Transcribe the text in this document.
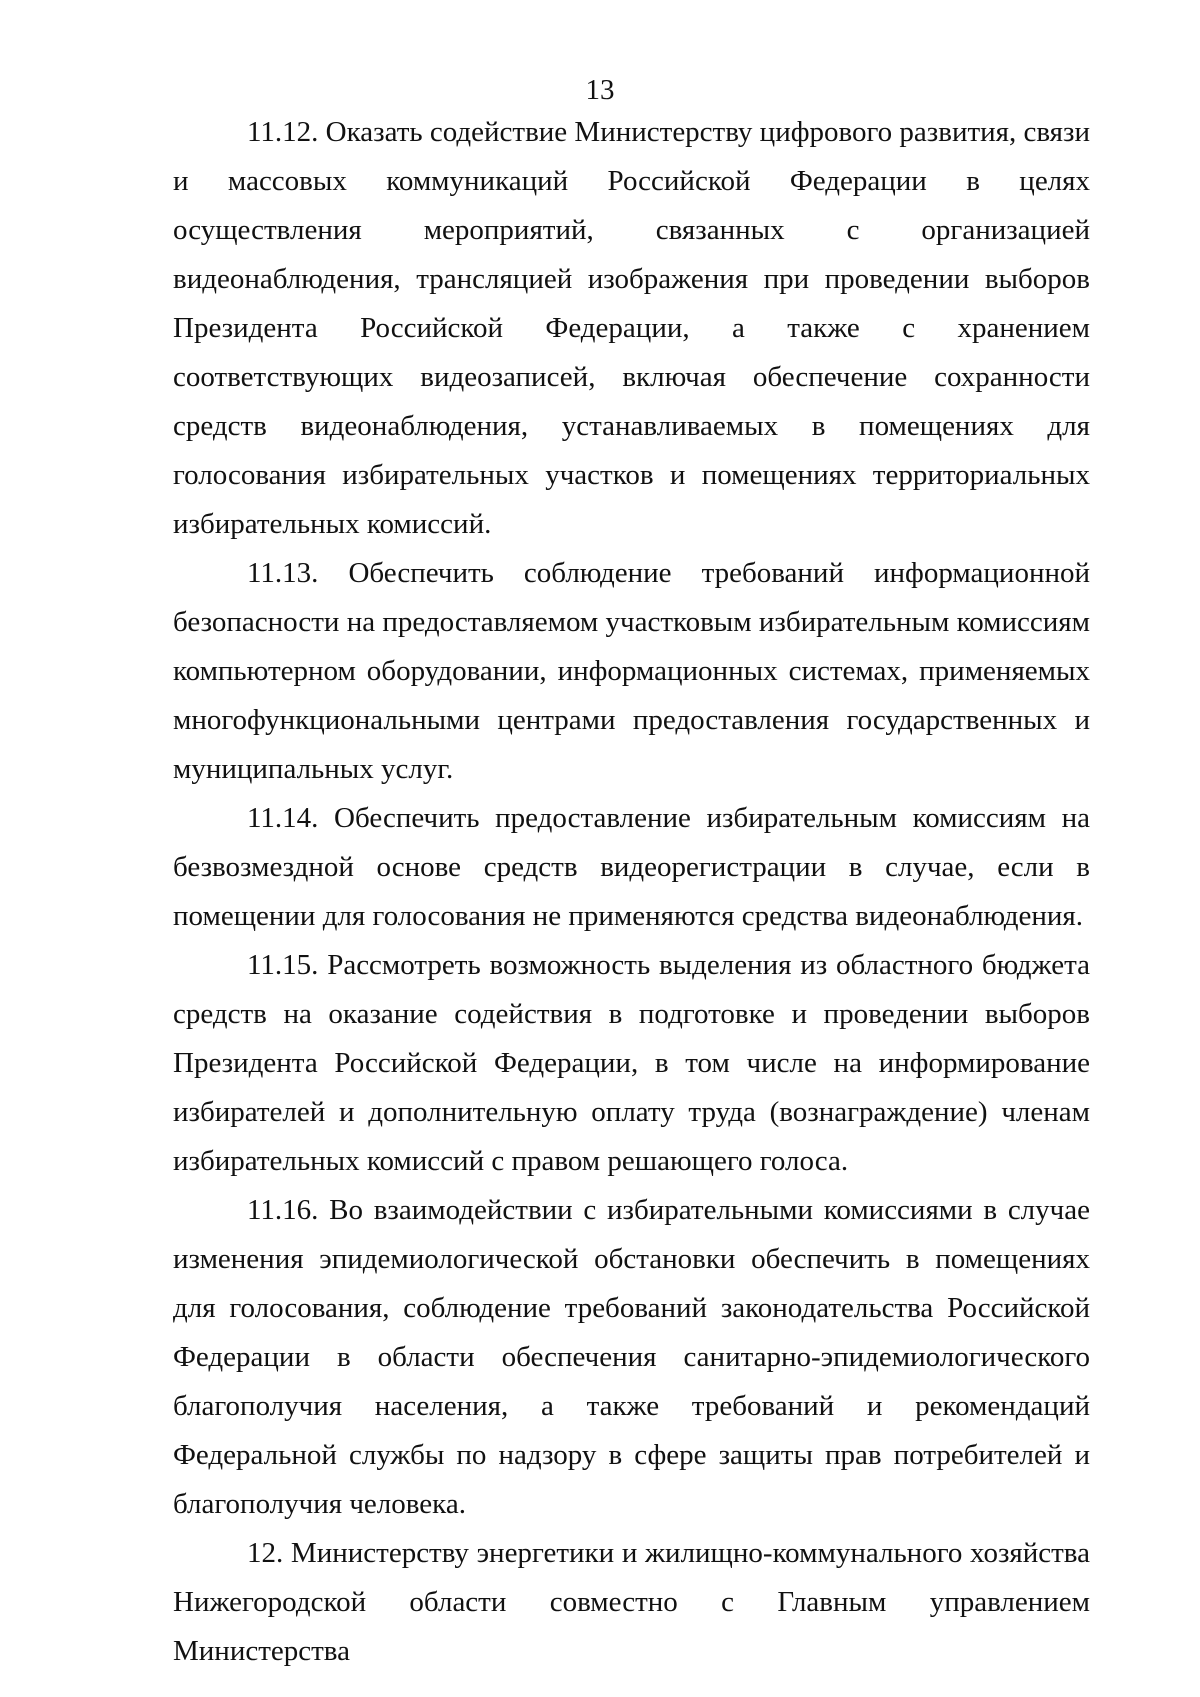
13

11.12. Оказать содействие Министерству цифрового развития, связи и массовых коммуникаций Российской Федерации в целях осуществления мероприятий, связанных с организацией видеонаблюдения, трансляцией изображения при проведении выборов Президента Российской Федерации, а также с хранением соответствующих видеозаписей, включая обеспечение сохранности средств видеонаблюдения, устанавливаемых в помещениях для голосования избирательных участков и помещениях территориальных избирательных комиссий.

11.13. Обеспечить соблюдение требований информационной безопасности на предоставляемом участковым избирательным комиссиям компьютерном оборудовании, информационных системах, применяемых многофункциональными центрами предоставления государственных и муниципальных услуг.

11.14. Обеспечить предоставление избирательным комиссиям на безвозмездной основе средств видеорегистрации в случае, если в помещении для голосования не применяются средства видеонаблюдения.

11.15. Рассмотреть возможность выделения из областного бюджета средств на оказание содействия в подготовке и проведении выборов Президента Российской Федерации, в том числе на информирование избирателей и дополнительную оплату труда (вознаграждение) членам избирательных комиссий с правом решающего голоса.

11.16. Во взаимодействии с избирательными комиссиями в случае изменения эпидемиологической обстановки обеспечить в помещениях для голосования, соблюдение требований законодательства Российской Федерации в области обеспечения санитарно-эпидемиологического благополучия населения, а также требований и рекомендаций Федеральной службы по надзору в сфере защиты прав потребителей и благополучия человека.

12. Министерству энергетики и жилищно-коммунального хозяйства Нижегородской области совместно с Главным управлением Министерства
